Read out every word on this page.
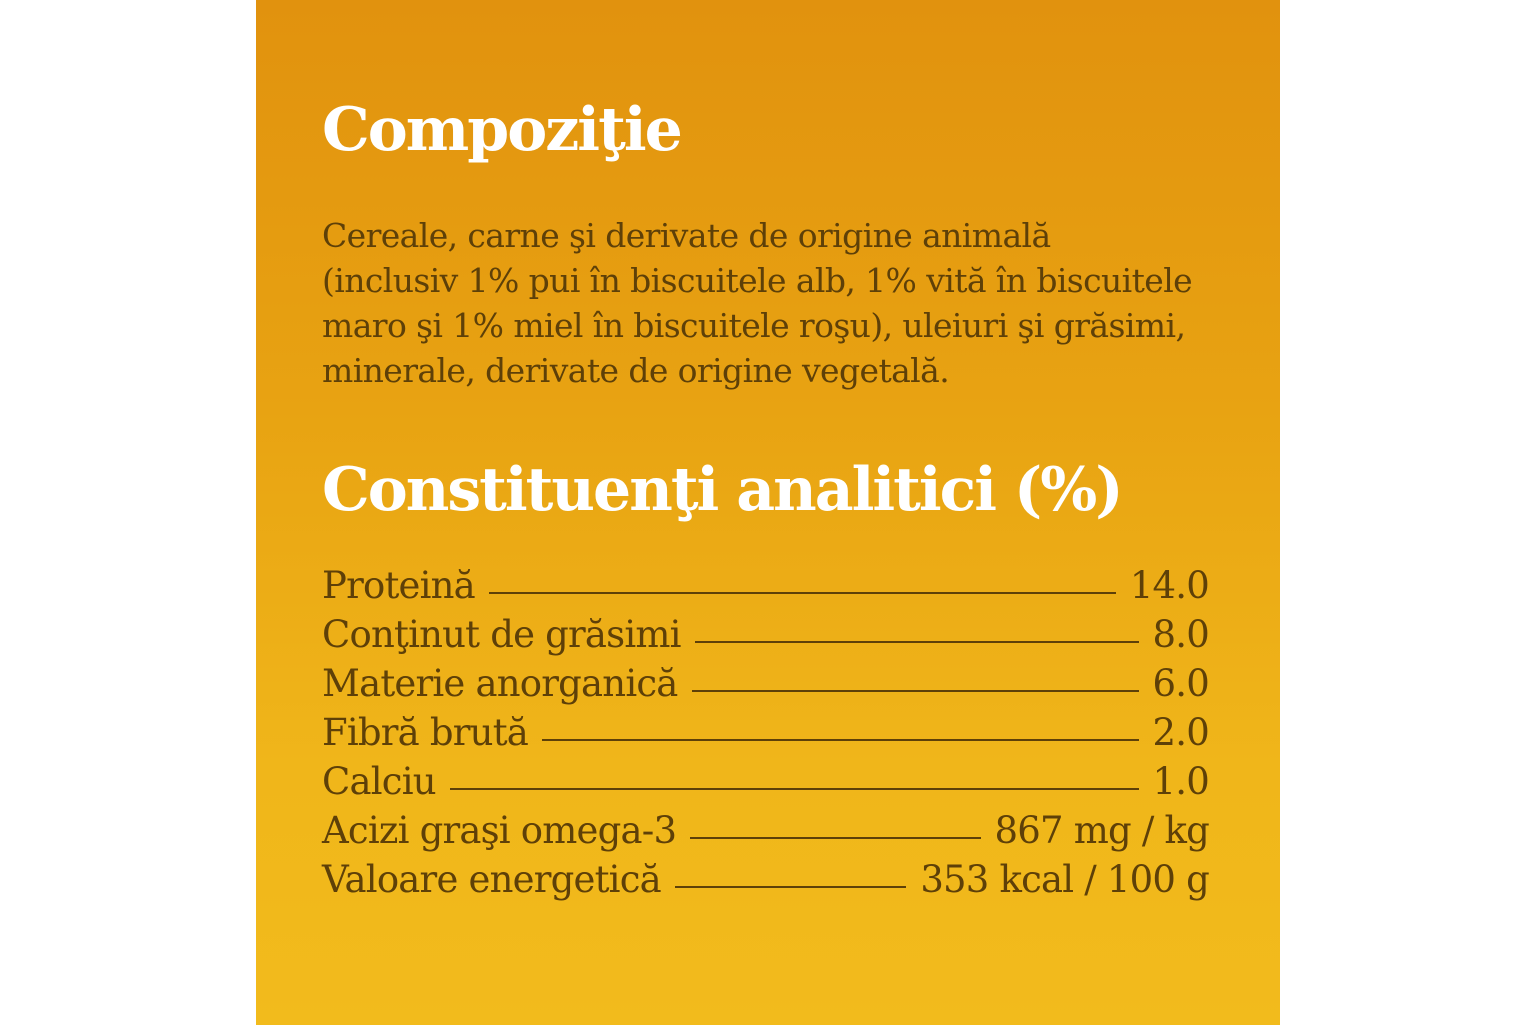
Compoziţie

Cereale, carne şi derivate de origine animală
(inclusiv 1% pui în biscuitele alb, 1% vită în biscuitele
maro şi 1% miel în biscuitele roşu), uleiuri şi grăsimi,
minerale, derivate de origine vegetală.

Constituenţi analitici (%)
Proteină	14.0
Conţinut de grăsimi	8.0
Materie anorganică	6.0
Fibră brută	2.0
Calciu	1.0
Acizi graşi omega-3	867 mg / kg
Valoare energetică	353 kcal / 100 g
